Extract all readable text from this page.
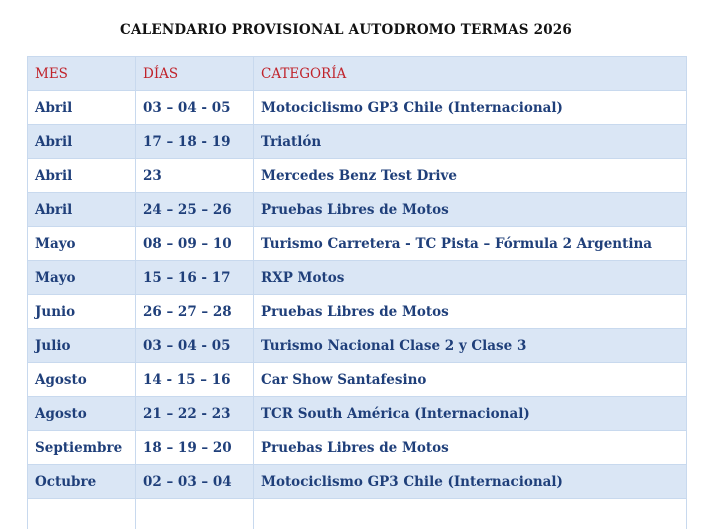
CALENDARIO PROVISIONAL AUTODROMO TERMAS 2026
MES	DÍAS	CATEGORÍA
Abril	03 – 04 - 05	Motociclismo GP3 Chile (Internacional)
Abril	17 – 18 - 19	Triatlón
Abril	23	Mercedes Benz Test Drive
Abril	24 – 25 – 26	Pruebas Libres de Motos
Mayo	08 – 09 – 10	Turismo Carretera - TC Pista – Fórmula 2 Argentina
Mayo	15 – 16 - 17	RXP Motos
Junio	26 – 27 – 28	Pruebas Libres de Motos
Julio	03 – 04 - 05	Turismo Nacional Clase 2 y Clase 3
Agosto	14 - 15 – 16	Car Show Santafesino
Agosto	21 – 22 - 23	TCR South América (Internacional)
Septiembre	18 – 19 – 20	Pruebas Libres de Motos
Octubre	02 – 03 – 04	Motociclismo GP3 Chile (Internacional)
